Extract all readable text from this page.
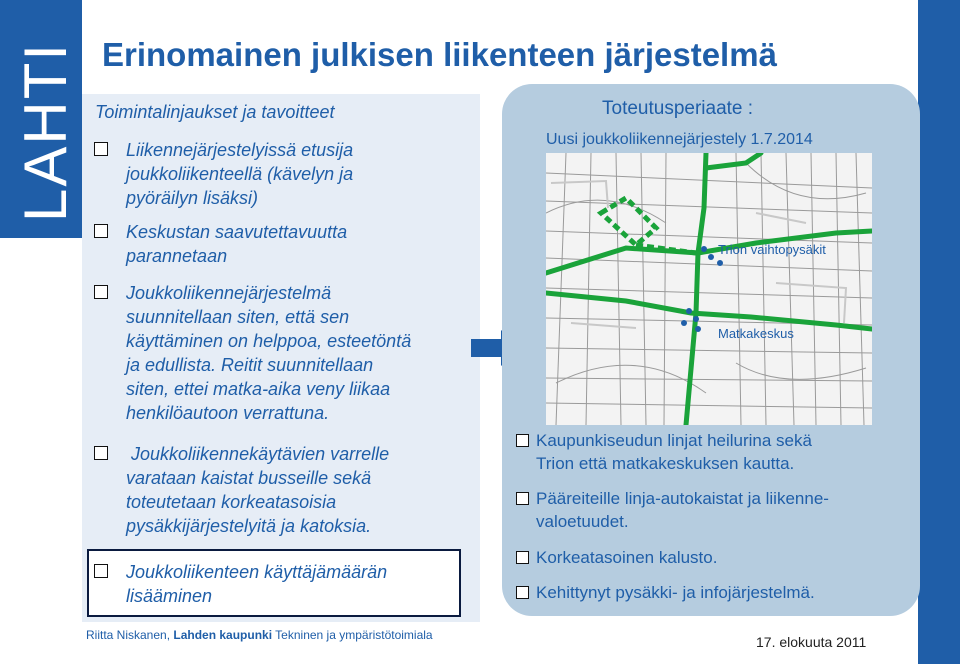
LAHTI Erinomainen julkisen liikenteen järjestelmä
Toimintalinjaukset ja tavoitteet
Liikennejärjestelyissä etusija
joukkoliikenteellä (kävelyn ja
pyöräilyn lisäksi)
Keskustan saavutettavuutta
parannetaan
Joukkoliikennejärjestelmä
suunnitellaan siten, että sen
käyttäminen on helppoa, esteetöntä
ja edullista. Reitit suunnitellaan
siten, ettei matka-aika veny liikaa
henkilöautoon verrattuna.
Joukkoliikennekäytävien varrelle
varataan kaistat busseille sekä
toteutetaan korkeatasoisia
pysäkkijärjestelyitä ja katoksia.
Joukkoliikenteen käyttäjämäärän
lisääminen
Toteutusperiaate :
Uusi joukkoliikennejärjestely 1.7.2014
Trion vaihtopysäkit
Matkakeskus
Kaupunkiseudun linjat heilurina sekä
Trion että matkakeskuksen kautta.
Pääreiteille linja-autokaistat ja liikenne-
valoetuudet.
Korkeatasoinen kalusto.
Kehittynyt pysäkki- ja infojärjestelmä.
Riitta Niskanen, Lahden kaupunki Tekninen ja ympäristötoimiala	17. elokuuta 2011
